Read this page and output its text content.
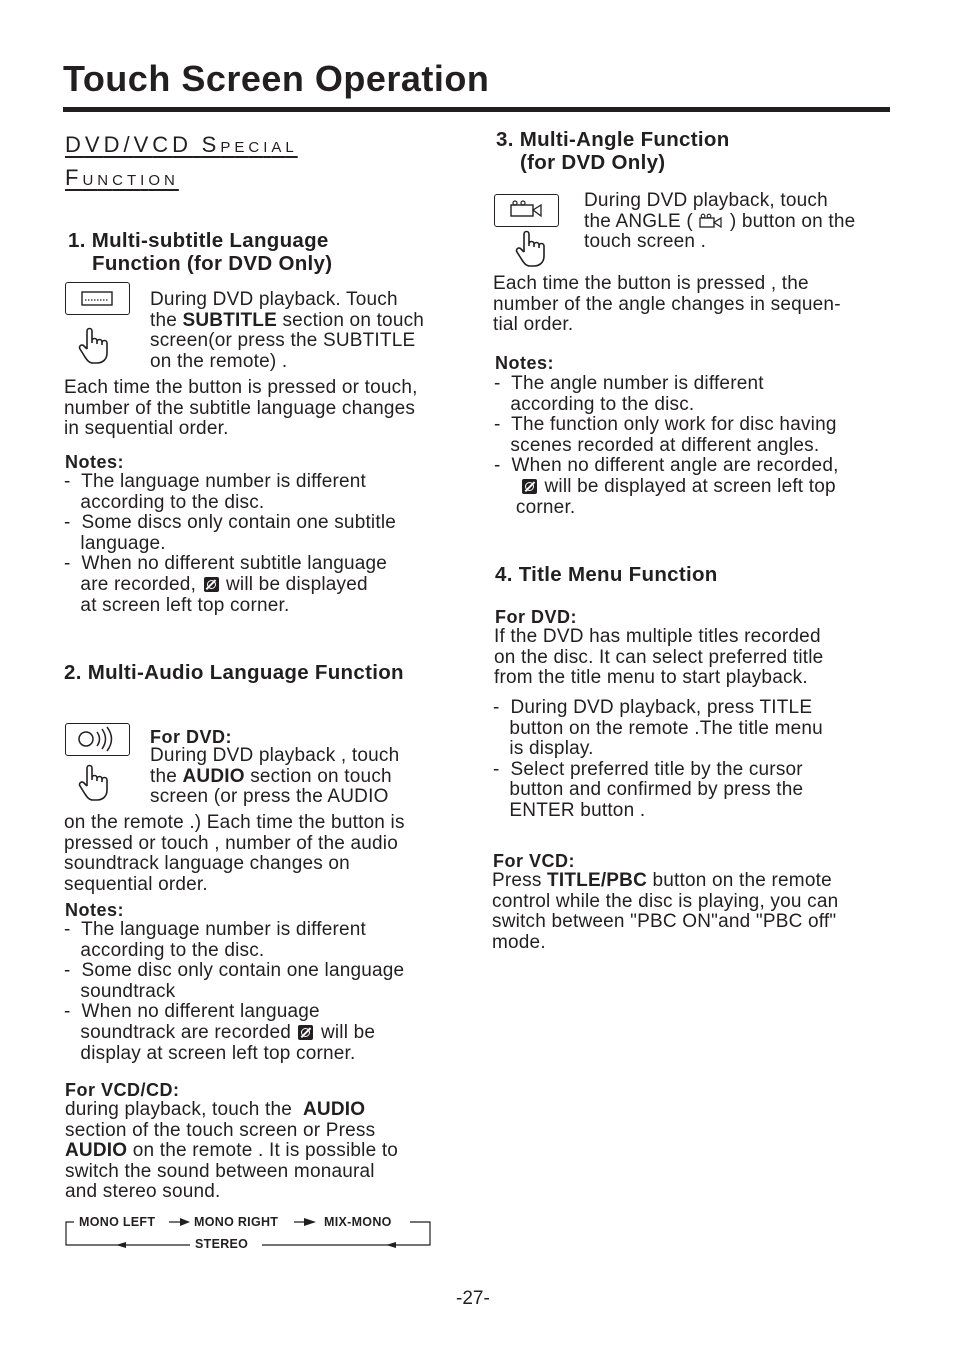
Touch Screen Operation
DVD/VCD SPECIAL
FUNCTION
1. Multi-subtitle Language
Function (for DVD Only)
During DVD playback. Touch
the SUBTITLE section on touch
screen(or press the SUBTITLE
on the remote) .
Each time the button is pressed or touch,
number of the subtitle language changes
in sequential order.
Notes:
-  The language number is different
according to the disc.
-  Some discs only contain one subtitle
language.
-  When no different subtitle language
are recorded,  will be displayed
at screen left top corner.
2. Multi-Audio Language Function
For DVD:
During DVD playback , touch
the AUDIO section on touch
screen (or press the AUDIO
on the remote .) Each time the button is
pressed or touch , number of the audio
soundtrack language changes on
sequential order.
Notes:
-  The language number is different
according to the disc.
-  Some disc only contain one language
soundtrack
-  When no different language
soundtrack are recorded  will be
display at screen left top corner.
For VCD/CD:
during playback, touch the  AUDIO
section of the touch screen or Press
AUDIO on the remote . It is possible to
switch the sound between monaural
and stereo sound.
MONO LEFT	MONO RIGHT	MIX-MONO
STEREO
3. Multi-Angle Function
(for DVD Only)
During DVD playback, touch
the ANGLE (  ) button on the
touch screen .
Each time the button is pressed , the
number of the angle changes in sequen-
tial order.
Notes:
-  The angle number is different
according to the disc.
-  The function only work for disc having
scenes recorded at different angles.
-  When no different angle are recorded,
will be displayed at screen left top
corner.
4. Title Menu Function
For DVD:
If the DVD has multiple titles recorded
on the disc. It can select preferred title
from the title menu to start playback.
-  During DVD playback, press TITLE
button on the remote .The title menu
is display.
-  Select preferred title by the cursor
button and confirmed by press the
ENTER button .
For VCD:
Press TITLE/PBC button on the remote
control while the disc is playing, you can
switch between "PBC ON"and "PBC off"
mode.
-27-
